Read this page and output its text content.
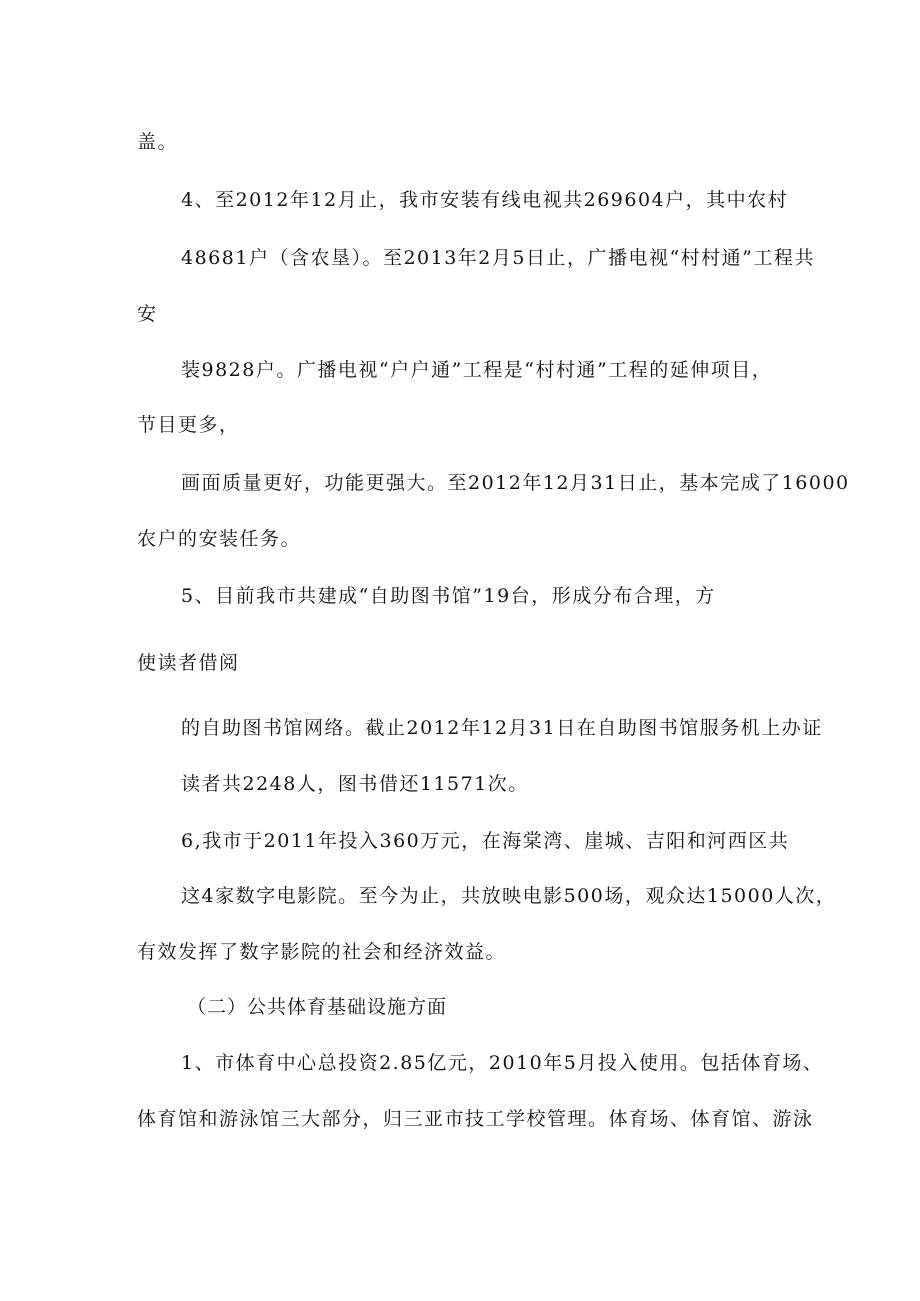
盖。
4、至2012年12月止，我市安装有线电视共269604户，其中农村
48681户（含农垦）。至2013年2月5日止，广播电视“村村通”工程共
安
装9828户。广播电视“户户通”工程是“村村通”工程的延伸项目，
节目更多，
画面质量更好，功能更强大。至2012年12月31日止，基本完成了16000
农户的安装任务。
5、目前我市共建成“自助图书馆”19台，形成分布合理，方
使读者借阅
的自助图书馆网络。截止2012年12月31日在自助图书馆服务机上办证
读者共2248人，图书借还11571次。
6,我市于2011年投入360万元，在海棠湾、崖城、吉阳和河西区共
这4家数字电影院。至今为止，共放映电影500场，观众达15000人次，
有效发挥了数字影院的社会和经济效益。
（二）公共体育基础设施方面
1、市体育中心总投资2.85亿元，2010年5月投入使用。包括体育场、
体育馆和游泳馆三大部分，归三亚市技工学校管理。体育场、体育馆、游泳
